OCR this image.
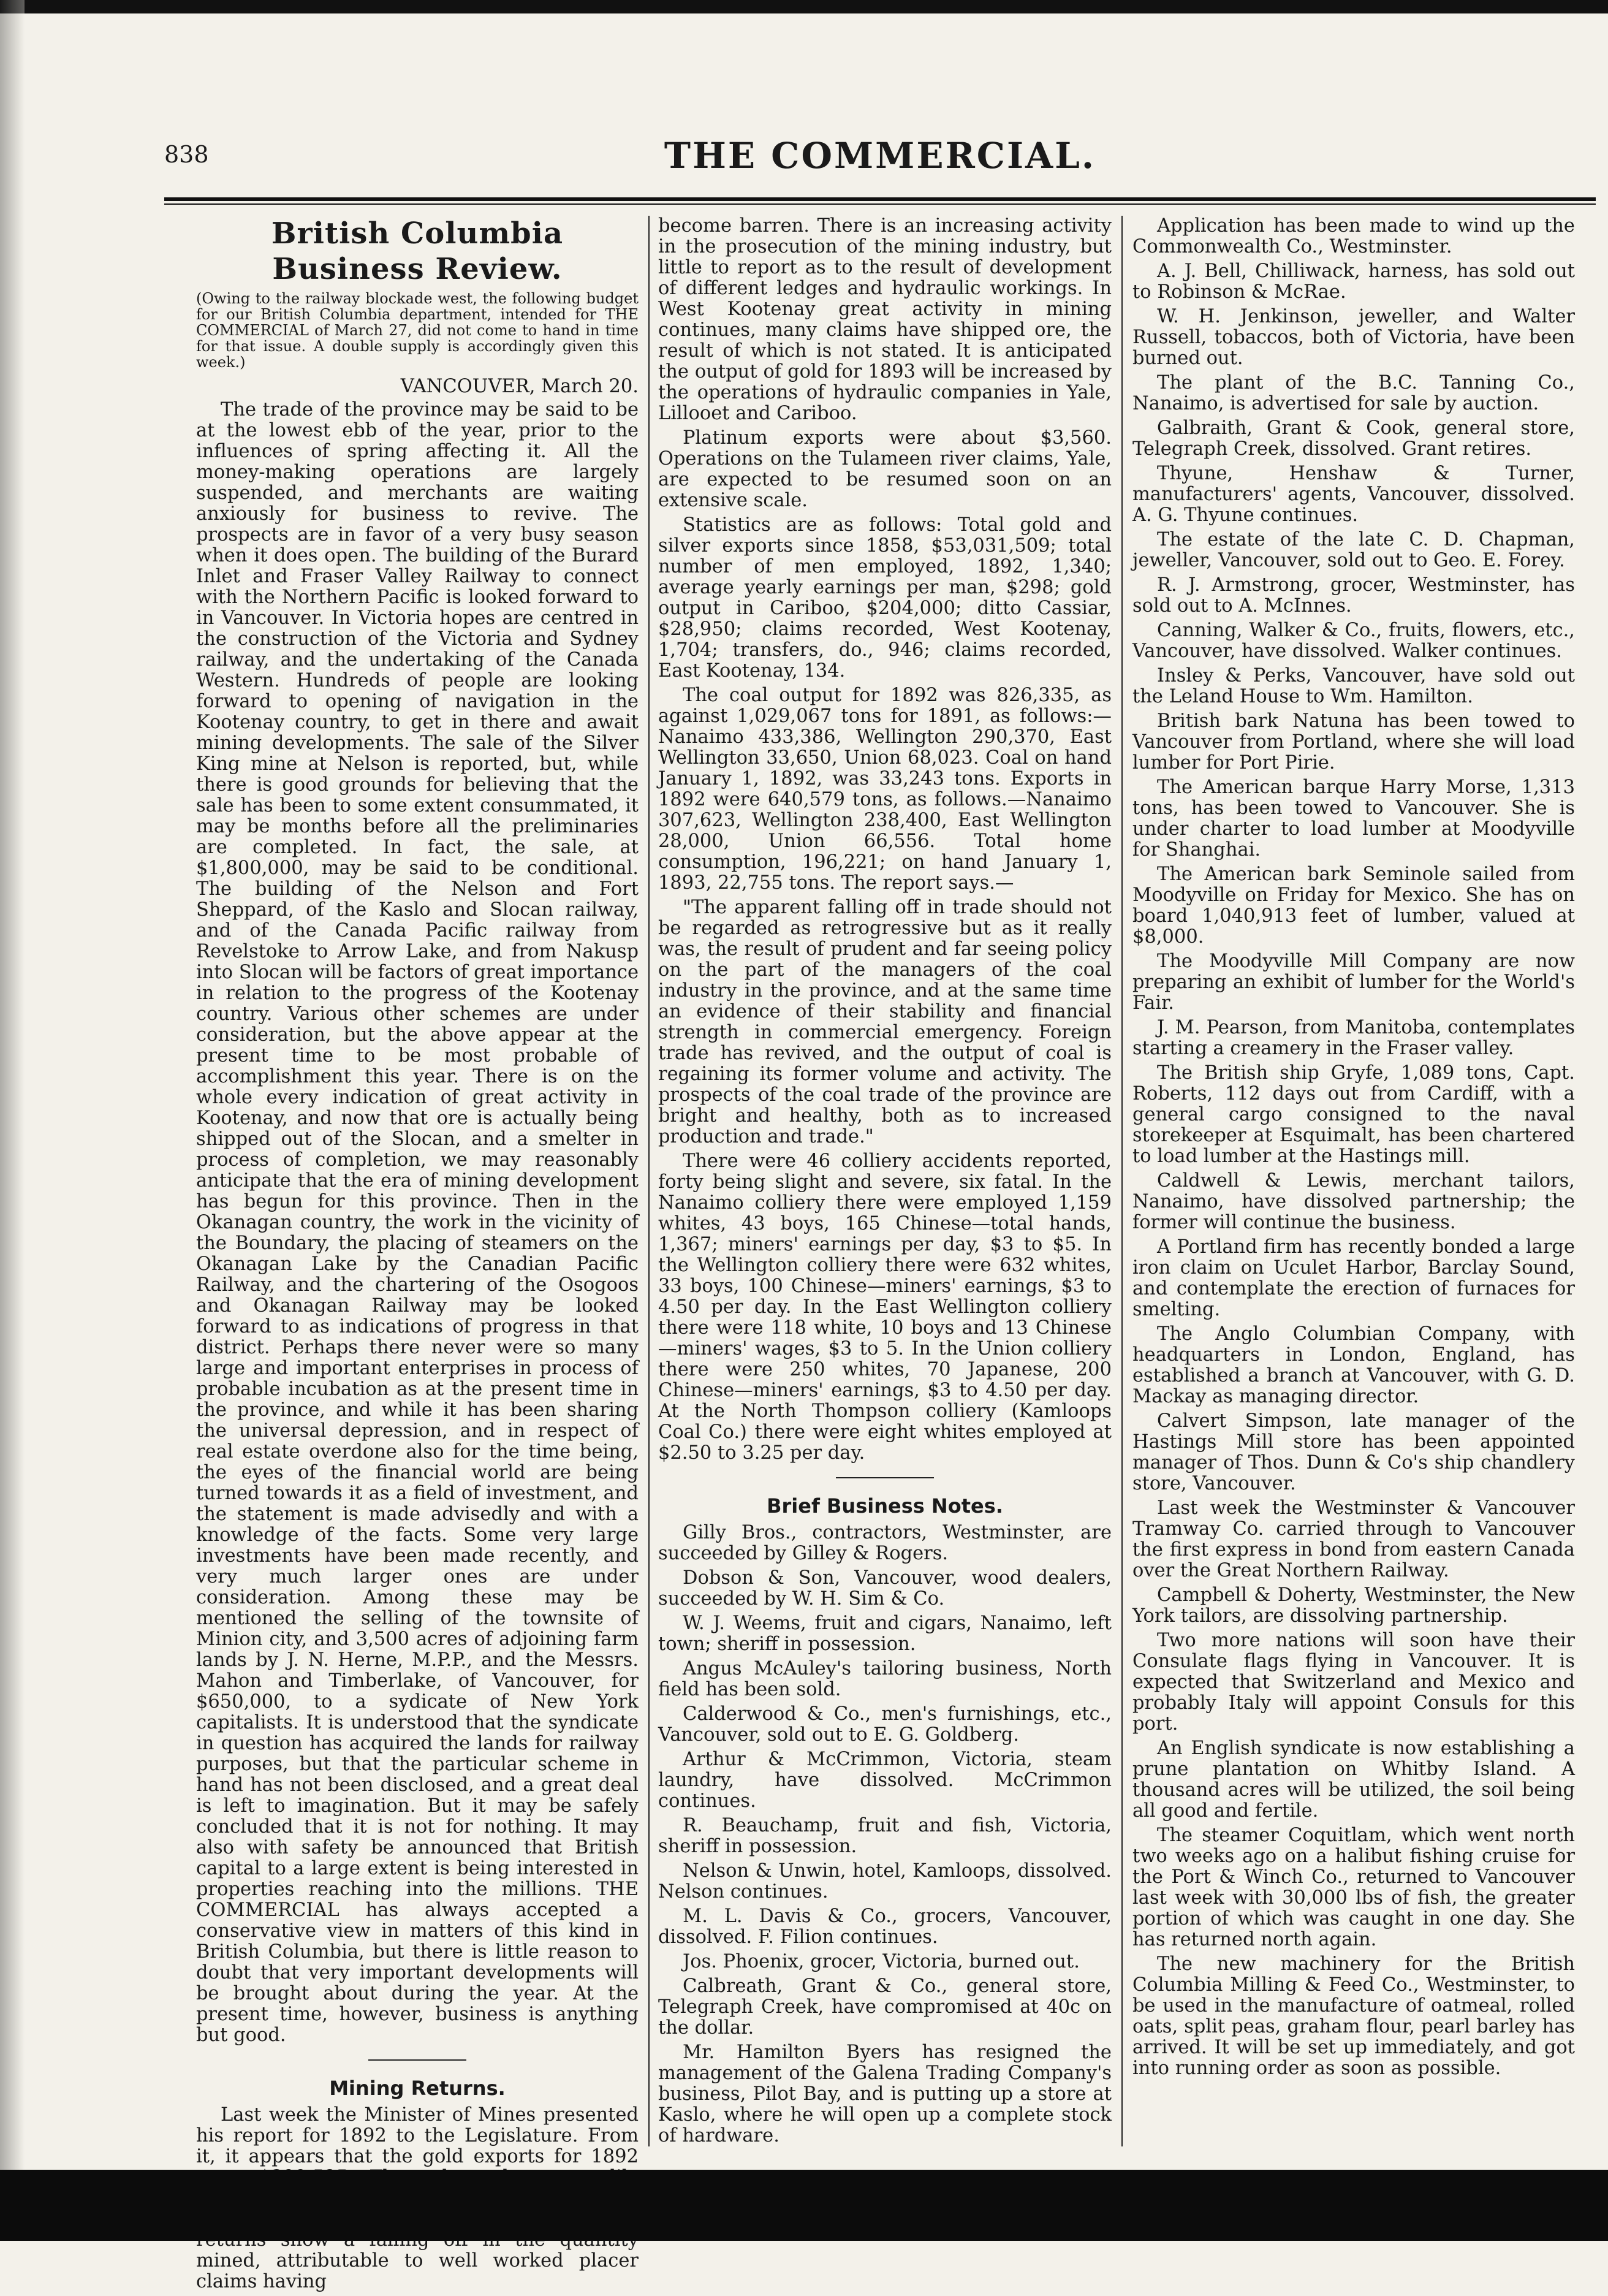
838	THE COMMERCIAL.
British Columbia Business Review.
(Owing to the railway blockade west, the following budget for our British Columbia department, intended for THE COMMERCIAL of March 27, did not come to hand in time for that issue. A double supply is accordingly given this week.)
VANCOUVER, March 20.

The trade of the province may be said to be at the lowest ebb of the year, prior to the influences of spring affecting it. All the money-making operations are largely suspended, and merchants are waiting anxiously for business to revive. The prospects are in favor of a very busy season when it does open. The building of the Burard Inlet and Fraser Valley Railway to connect with the Northern Pacific is looked forward to in Vancouver. In Victoria hopes are centred in the construction of the Victoria and Sydney railway, and the undertaking of the Canada Western. Hundreds of people are looking forward to opening of navigation in the Kootenay country, to get in there and await mining developments. The sale of the Silver King mine at Nelson is reported, but, while there is good grounds for believing that the sale has been to some extent consummated, it may be months before all the preliminaries are completed. In fact, the sale, at $1,800,000, may be said to be conditional. The building of the Nelson and Fort Sheppard, of the Kaslo and Slocan railway, and of the Canada Pacific railway from Revelstoke to Arrow Lake, and from Nakusp into Slocan will be factors of great importance in relation to the progress of the Kootenay country. Various other schemes are under consideration, but the above appear at the present time to be most probable of accomplishment this year. There is on the whole every indication of great activity in Kootenay, and now that ore is actually being shipped out of the Slocan, and a smelter in process of completion, we may reasonably anticipate that the era of mining development has begun for this province. Then in the Okanagan country, the work in the vicinity of the Boundary, the placing of steamers on the Okanagan Lake by the Canadian Pacific Railway, and the chartering of the Osogoos and Okanagan Railway may be looked forward to as indications of progress in that district. Perhaps there never were so many large and important enterprises in process of probable incubation as at the present time in the province, and while it has been sharing the universal depression, and in respect of real estate overdone also for the time being, the eyes of the financial world are being turned towards it as a field of investment, and the statement is made advisedly and with a knowledge of the facts. Some very large investments have been made recently, and very much larger ones are under consideration. Among these may be mentioned the selling of the townsite of Minion city, and 3,500 acres of adjoining farm lands by J. N. Herne, M.P.P., and the Messrs. Mahon and Timberlake, of Vancouver, for $650,000, to a sydicate of New York capitalists. It is understood that the syndicate in question has acquired the lands for railway purposes, but that the particular scheme in hand has not been disclosed, and a great deal is left to imagination. But it may be safely concluded that it is not for nothing. It may also with safety be announced that British capital to a large extent is being interested in properties reaching into the millions. THE COMMERCIAL has always accepted a conservative view in matters of this kind in British Columbia, but there is little reason to doubt that very important developments will be brought about during the year. At the present time, however, business is anything but good.

Mining Returns.

Last week the Minister of Mines presented his report for 1892 to the Legislature. From it, it appears that the gold exports for 1892 mined, attributable to well worked placer claims having

become barren. There is an increasing activity in the prosecution of the mining industry, but little to report as to the result of development of different ledges and hydraulic workings. In West Kootenay great activity in mining continues, many claims have shipped ore, the result of which is not stated. It is anticipated the output of gold for 1893 will be increased by the operations of hydraulic companies in Yale, Lillooet and Cariboo.

Platinum exports were about $3,560. Operations on the Tulameen river claims, Yale, are expected to be resumed soon on an extensive scale.

Statistics are as follows: Total gold and silver exports since 1858, $53,031,509; total number of men employed, 1892, 1,340; average yearly earnings per man, $298; gold output in Cariboo, $204,000; ditto Cassiar, $28,950; claims recorded, West Kootenay, 1,704; transfers, do., 946; claims recorded, East Kootenay, 134.

The coal output for 1892 was 826,335, as against 1,029,067 tons for 1891, as follows:—Nanaimo 433,386, Wellington 290,370, East Wellington 33,650, Union 68,023. Coal on hand January 1, 1892, was 33,243 tons. Exports in 1892 were 640,579 tons, as follows.—Nanaimo 307,623, Wellington 238,400, East Wellington 28,000, Union 66,556. Total home consumption, 196,221; on hand January 1, 1893, 22,755 tons. The report says.—

"The apparent falling off in trade should not be regarded as retrogressive but as it really was, the result of prudent and far seeing policy on the part of the managers of the coal industry in the province, and at the same time an evidence of their stability and financial strength in commercial emergency. Foreign trade has revived, and the output of coal is regaining its former volume and activity. The prospects of the coal trade of the province are bright and healthy, both as to increased production and trade."

There were 46 colliery accidents reported, forty being slight and severe, six fatal. In the Nanaimo colliery there were employed 1,159 whites, 43 boys, 165 Chinese—total hands, 1,367; miners' earnings per day, $3 to $5. In the Wellington colliery there were 632 whites, 33 boys, 100 Chinese—miners' earnings, $3 to 4.50 per day. In the East Wellington colliery there were 118 white, 10 boys and 13 Chinese—miners' wages, $3 to 5. In the Union colliery there were 250 whites, 70 Japanese, 200 Chinese—miners' earnings, $3 to 4.50 per day. At the North Thompson colliery (Kamloops Coal Co.) there were eight whites employed at $2.50 to 3.25 per day.

Brief Business Notes.

Gilly Bros., contractors, Westminster, are succeeded by Gilley & Rogers.

Dobson & Son, Vancouver, wood dealers, succeeded by W. H. Sim & Co.

W. J. Weems, fruit and cigars, Nanaimo, left town; sheriff in possession.

Angus McAuley's tailoring business, North field has been sold.

Calderwood & Co., men's furnishings, etc., Vancouver, sold out to E. G. Goldberg.

Arthur & McCrimmon, Victoria, steam laundry, have dissolved. McCrimmon continues.

R. Beauchamp, fruit and fish, Victoria, sheriff in possession.

Nelson & Unwin, hotel, Kamloops, dissolved. Nelson continues.

M. L. Davis & Co., grocers, Vancouver, dissolved. F. Filion continues.

Jos. Phoenix, grocer, Victoria, burned out.

Calbreath, Grant & Co., general store, Telegraph Creek, have compromised at 40c on the dollar.

Mr. Hamilton Byers has resigned the management of the Galena Trading Company's business, Pilot Bay, and is putting up a store at Kaslo, where he will open up a complete stock of hardware.

Application has been made to wind up the Commonwealth Co., Westminster.

A. J. Bell, Chilliwack, harness, has sold out to Robinson & McRae.

W. H. Jenkinson, jeweller, and Walter Russell, tobaccos, both of Victoria, have been burned out.

The plant of the B.C. Tanning Co., Nanaimo, is advertised for sale by auction.

Galbraith, Grant & Cook, general store, Telegraph Creek, dissolved. Grant retires.

Thyune, Henshaw & Turner, manufacturers' agents, Vancouver, dissolved. A. G. Thyune continues.

The estate of the late C. D. Chapman, jeweller, Vancouver, sold out to Geo. E. Forey.

R. J. Armstrong, grocer, Westminster, has sold out to A. McInnes.

Canning, Walker & Co., fruits, flowers, etc., Vancouver, have dissolved. Walker continues.

Insley & Perks, Vancouver, have sold out the Leland House to Wm. Hamilton.

British bark Natuna has been towed to Vancouver from Portland, where she will load lumber for Port Pirie.

The American barque Harry Morse, 1,313 tons, has been towed to Vancouver. She is under charter to load lumber at Moodyville for Shanghai.

The American bark Seminole sailed from Moodyville on Friday for Mexico. She has on board 1,040,913 feet of lumber, valued at $8,000.

The Moodyville Mill Company are now preparing an exhibit of lumber for the World's Fair.

J. M. Pearson, from Manitoba, contemplates starting a creamery in the Fraser valley.

The British ship Gryfe, 1,089 tons, Capt. Roberts, 112 days out from Cardiff, with a general cargo consigned to the naval storekeeper at Esquimalt, has been chartered to load lumber at the Hastings mill.

Caldwell & Lewis, merchant tailors, Nanaimo, have dissolved partnership; the former will continue the business.

A Portland firm has recently bonded a large iron claim on Uculet Harbor, Barclay Sound, and contemplate the erection of furnaces for smelting.

The Anglo Columbian Company, with headquarters in London, England, has established a branch at Vancouver, with G. D. Mackay as managing director.

Calvert Simpson, late manager of the Hastings Mill store has been appointed manager of Thos. Dunn & Co's ship chandlery store, Vancouver.

Last week the Westminster & Vancouver Tramway Co. carried through to Vancouver the first express in bond from eastern Canada over the Great Northern Railway.

Campbell & Doherty, Westminster, the New York tailors, are dissolving partnership.

Two more nations will soon have their Consulate flags flying in Vancouver. It is expected that Switzerland and Mexico and probably Italy will appoint Consuls for this port.

An English syndicate is now establishing a prune plantation on Whitby Island. A thousand acres will be utilized, the soil being all good and fertile.

The steamer Coquitlam, which went north two weeks ago on a halibut fishing cruise for the Port & Winch Co., returned to Vancouver last week with 30,000 lbs of fish, the greater portion of which was caught in one day. She has returned north again.

The new machinery for the British Columbia Milling & Feed Co., Westminster, to be used in the manufacture of oatmeal, rolled oats, split peas, graham flour, pearl barley has arrived. It will be set up immediately, and got into running order as soon as possible.
